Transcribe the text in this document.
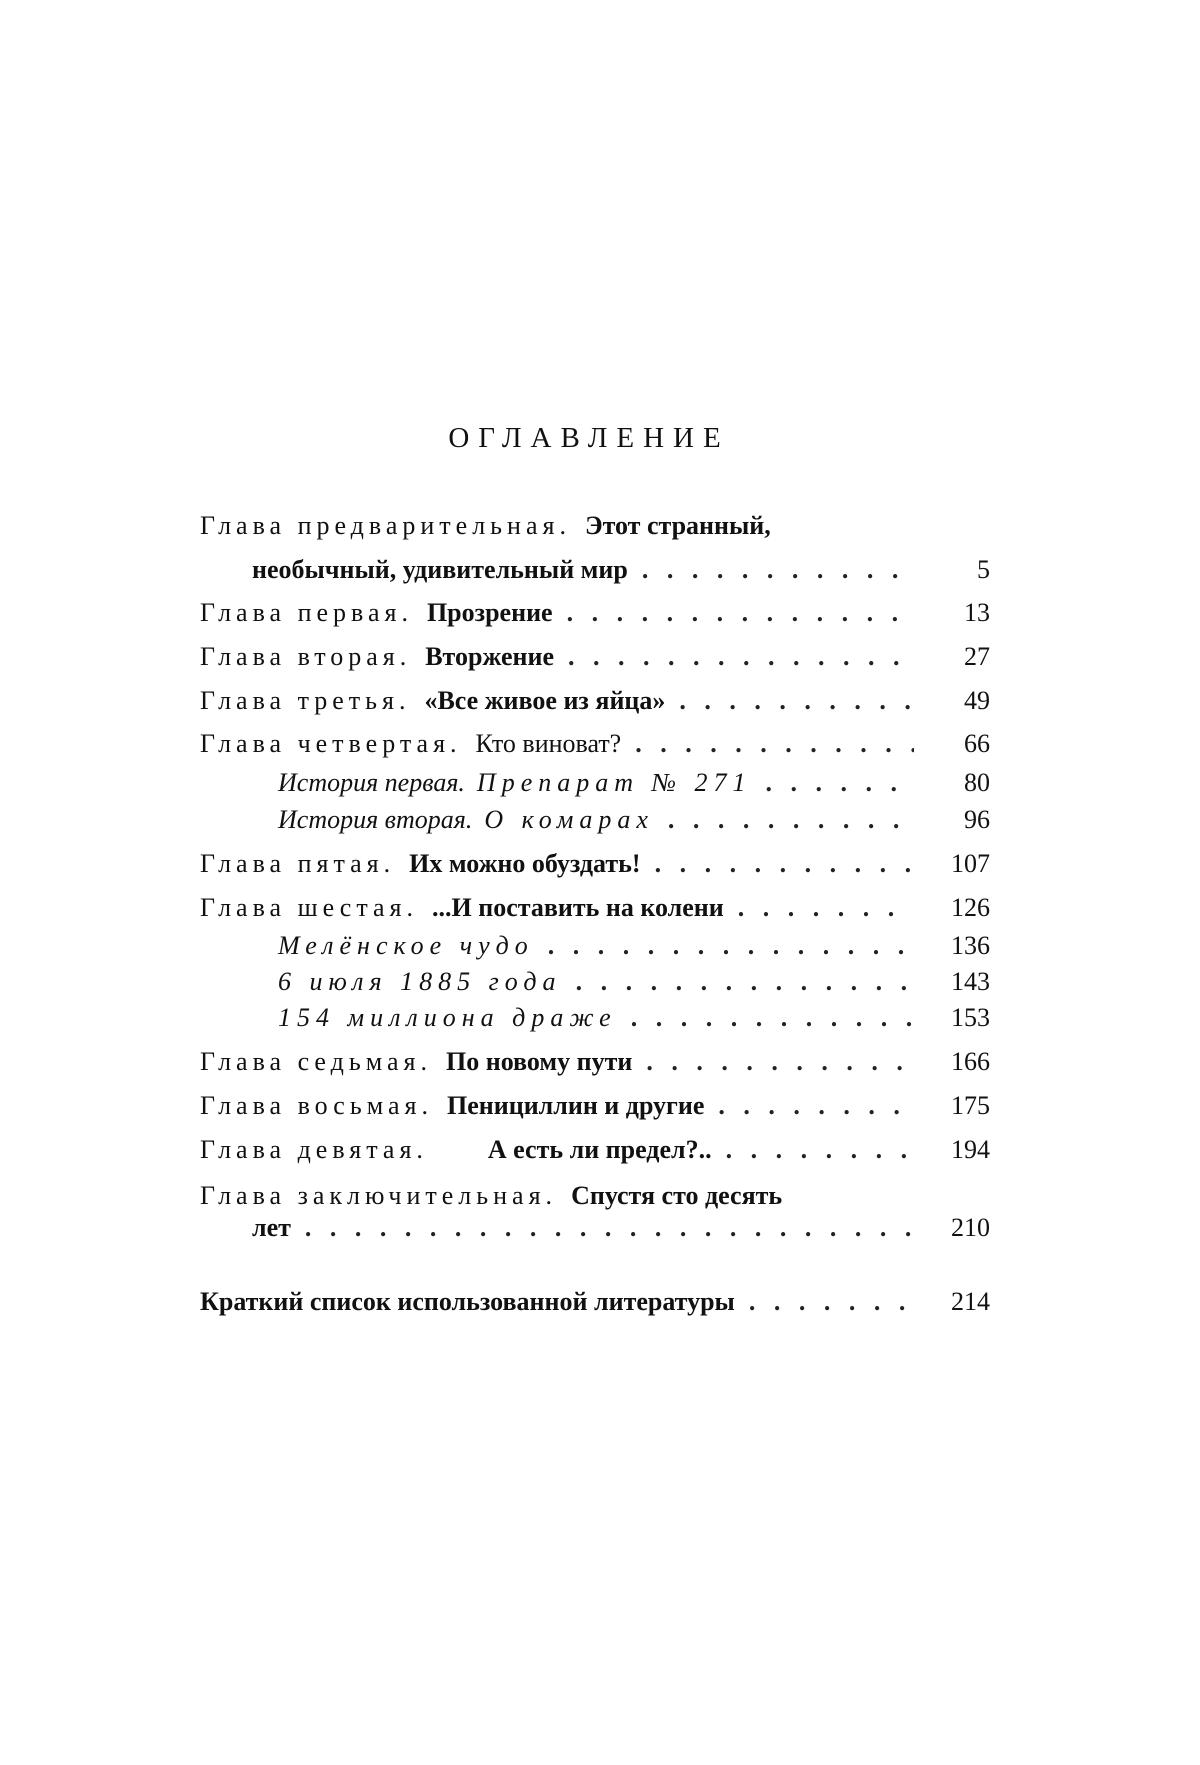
ОГЛАВЛЕНИЕ
Глава предварительная. Этот странный,
необычный, удивительный мир . . .	5
Глава первая. Прозрение . . .	13
Глава вторая. Вторжение . . .	27
Глава третья. «Все живое из яйца» . . .	49
Глава четвертая. Кто виноват? . . .	66
История первая. Препарат № 271 . . .	80
История вторая. О комарах . . .	96
Глава пятая. Их можно обуздать! . . .	107
Глава шестая. ...И поставить на колени . . .	126
Мелёнское чудо . . .	136
6 июля 1885 года . . .	143
154 миллиона драже . . .	153
Глава седьмая. По новому пути . . .	166
Глава восьмая. Пенициллин и другие . . .	175
Глава девятая. А есть ли предел?.. . . .	194
Глава заключительная. Спустя сто десять
лет . . .	210
Краткий список использованной литературы . . .	214
